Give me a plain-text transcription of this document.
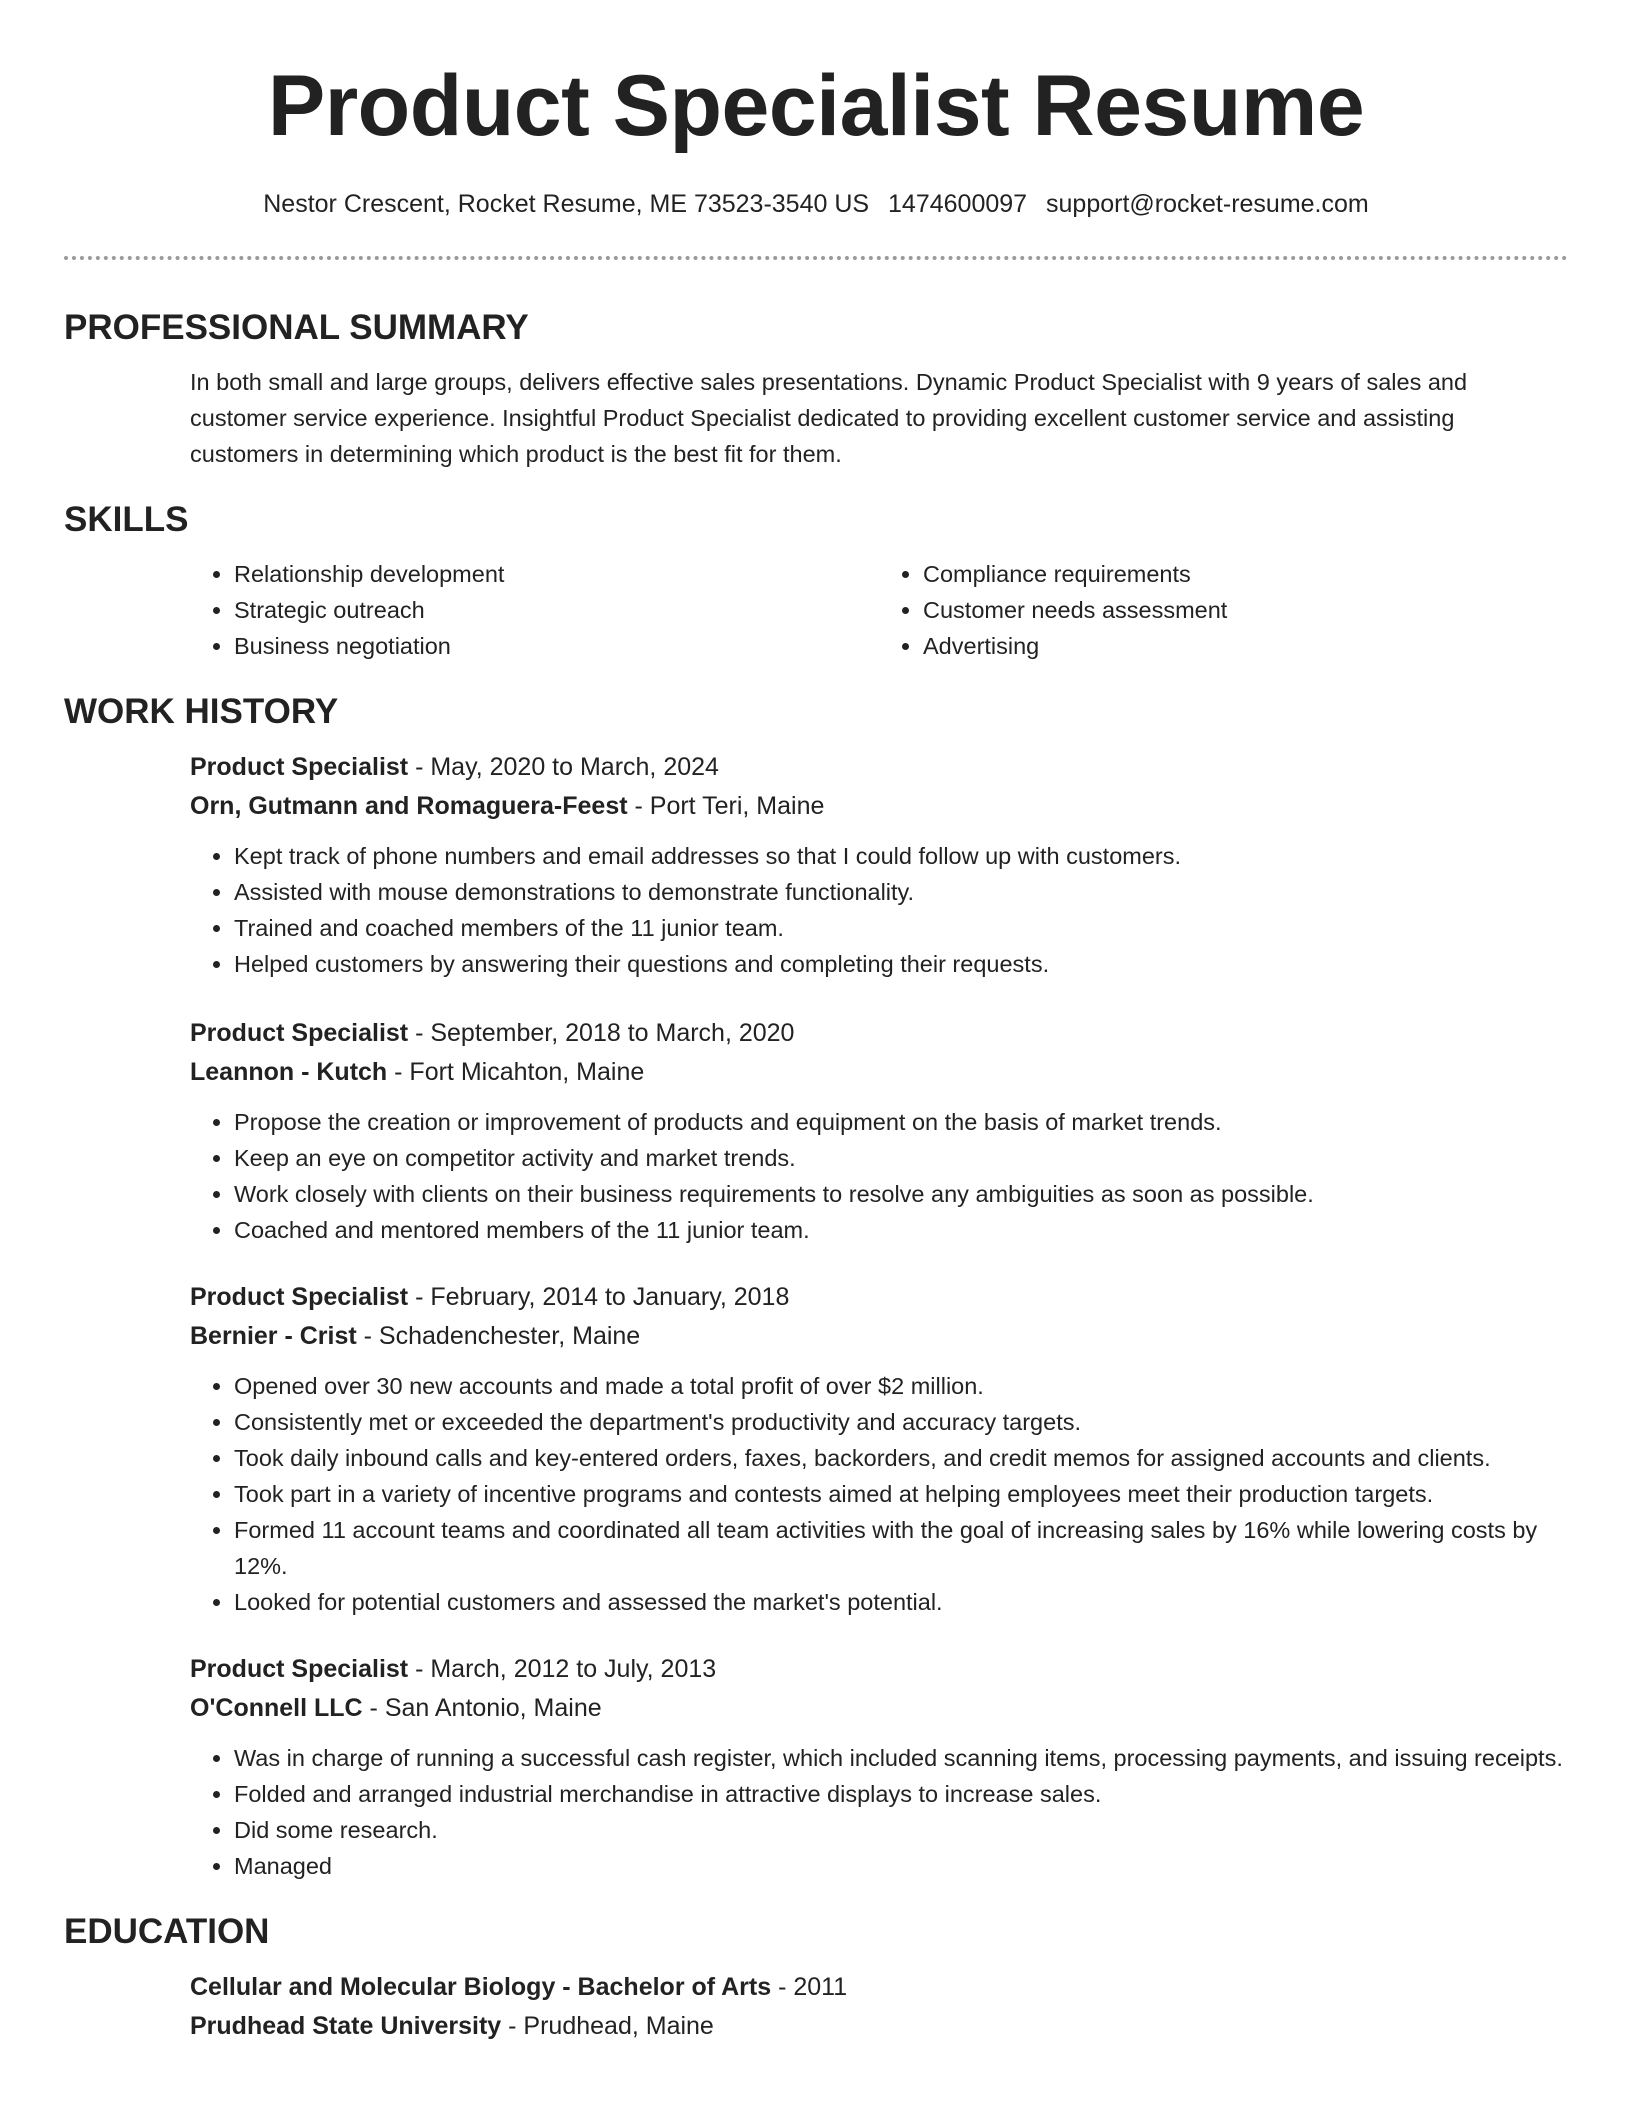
Product Specialist Resume
Nestor Crescent, Rocket Resume, ME 73523-3540 US 1474600097 support@rocket-resume.com
PROFESSIONAL SUMMARY

In both small and large groups, delivers effective sales presentations. Dynamic Product Specialist with 9 years of sales and customer service experience. Insightful Product Specialist dedicated to providing excellent customer service and assisting customers in determining which product is the best fit for them.

SKILLS
• Relationship development
• Strategic outreach
• Business negotiation
• Compliance requirements
• Customer needs assessment
• Advertising
WORK HISTORY

Product Specialist - May, 2020 to March, 2024

Orn, Gutmann and Romaguera-Feest - Port Teri, Maine

• Kept track of phone numbers and email addresses so that I could follow up with customers.
• Assisted with mouse demonstrations to demonstrate functionality.
• Trained and coached members of the 11 junior team.
• Helped customers by answering their questions and completing their requests.

Product Specialist - September, 2018 to March, 2020

Leannon - Kutch - Fort Micahton, Maine

• Propose the creation or improvement of products and equipment on the basis of market trends.
• Keep an eye on competitor activity and market trends.
• Work closely with clients on their business requirements to resolve any ambiguities as soon as possible.
• Coached and mentored members of the 11 junior team.

Product Specialist - February, 2014 to January, 2018

Bernier - Crist - Schadenchester, Maine

• Opened over 30 new accounts and made a total profit of over $2 million.
• Consistently met or exceeded the department's productivity and accuracy targets.
• Took daily inbound calls and key-entered orders, faxes, backorders, and credit memos for assigned accounts and clients.
• Took part in a variety of incentive programs and contests aimed at helping employees meet their production targets.
• Formed 11 account teams and coordinated all team activities with the goal of increasing sales by 16% while lowering costs by 12%.
• Looked for potential customers and assessed the market's potential.

Product Specialist - March, 2012 to July, 2013

O'Connell LLC - San Antonio, Maine

• Was in charge of running a successful cash register, which included scanning items, processing payments, and issuing receipts.
• Folded and arranged industrial merchandise in attractive displays to increase sales.
• Did some research.
• Managed
EDUCATION

Cellular and Molecular Biology - Bachelor of Arts - 2011

Prudhead State University - Prudhead, Maine
